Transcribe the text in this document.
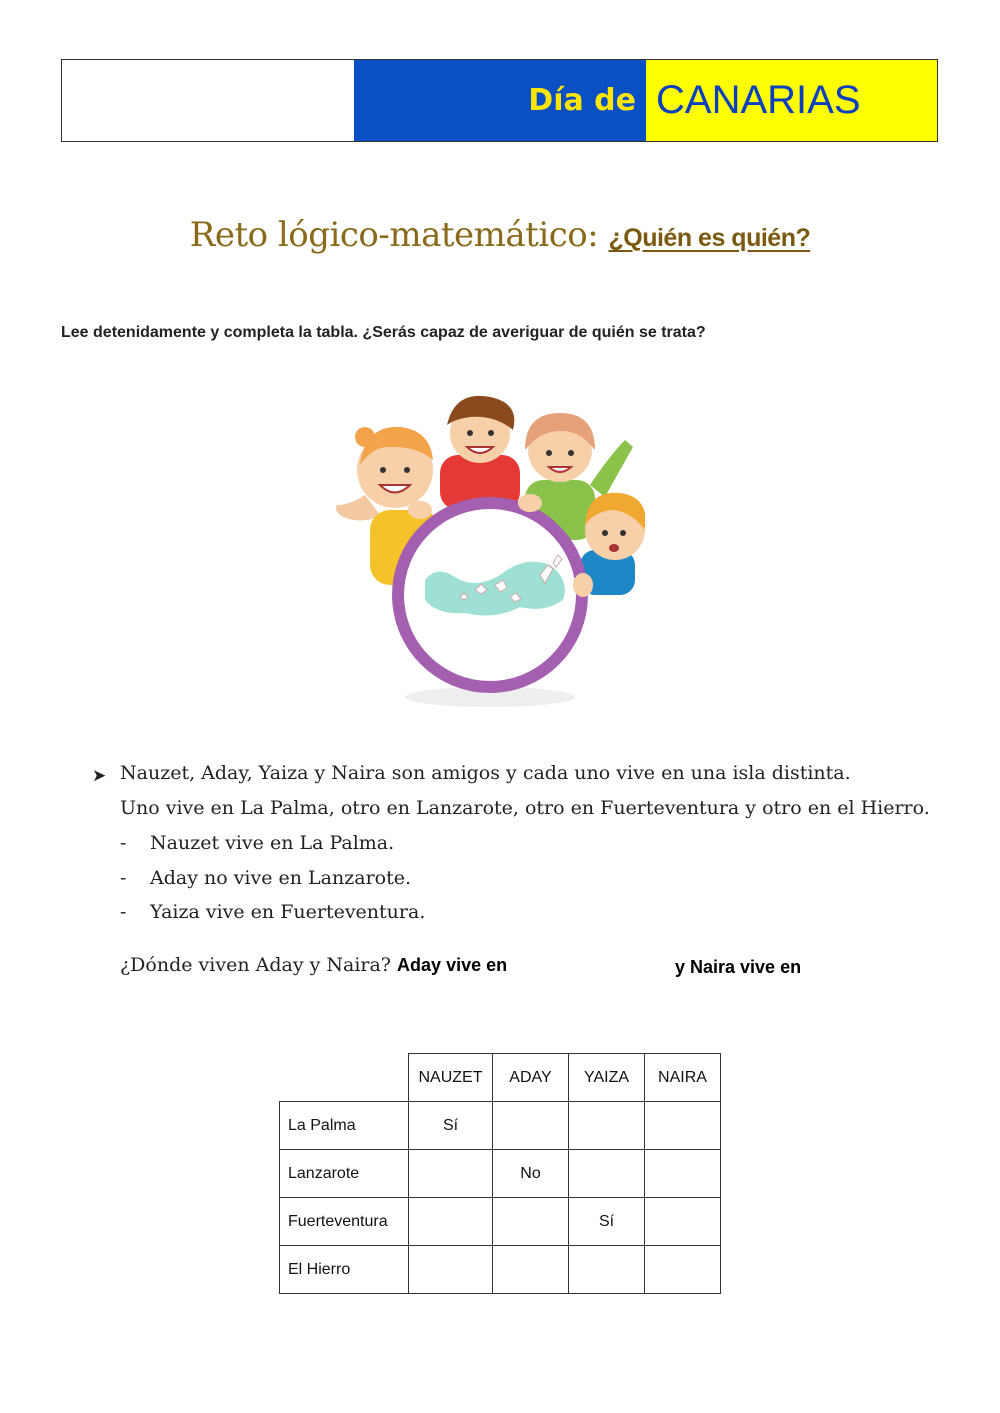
Día de CANARIAS
Reto lógico-matemático: ¿Quién es quién?
Lee detenidamente y completa la tabla. ¿Serás capaz de averiguar de quién se trata?
➤ Nauzet, Aday, Yaiza y Naira son amigos y cada uno vive en una isla distinta.
Uno vive en La Palma, otro en Lanzarote, otro en Fuerteventura y otro en el Hierro.
- Nauzet vive en La Palma.
- Aday no vive en Lanzarote.
- Yaiza vive en Fuerteventura.
¿Dónde viven Aday y Naira? Aday vive en	y Naira vive en
	NAUZET	ADAY	YAIZA	NAIRA
La Palma	Sí			
Lanzarote		No		
Fuerteventura			Sí	
El Hierro				
